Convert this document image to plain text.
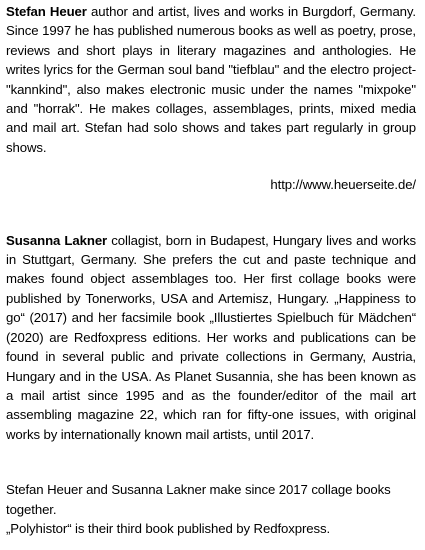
Stefan Heuer author and artist, lives and works in Burgdorf, Germany. Since 1997 he has published numerous books as well as poetry, prose, reviews and short plays in literary magazines and anthologies. He writes lyrics for the German soul band "tiefblau" and the electro project- "kannkind", also makes electronic music under the names "mixpoke" and "horrak". He makes collages, assemblages, prints, mixed media and mail art. Stefan had solo shows and takes part regularly in group shows.

http://www.heuerseite.de/

Susanna Lakner collagist, born in Budapest, Hungary lives and works in Stuttgart, Germany. She prefers the cut and paste technique and makes found object assemblages too. Her first collage books were published by Tonerworks, USA and Artemisz, Hungary. „Happiness to go“ (2017) and her facsimile book „Illustiertes Spielbuch für Mädchen“ (2020) are Redfoxpress editions. Her works and publications can be found in several public and private collections in Germany, Austria, Hungary and in the USA. As Planet Susannia, she has been known as a mail artist since 1995 and as the founder/editor of the mail art assembling magazine 22, which ran for fifty-one issues, with original works by internationally known mail artists, until 2017.

Stefan Heuer and Susanna Lakner make since 2017 collage books together.

„Polyhistor“ is their third book published by Redfoxpress.
